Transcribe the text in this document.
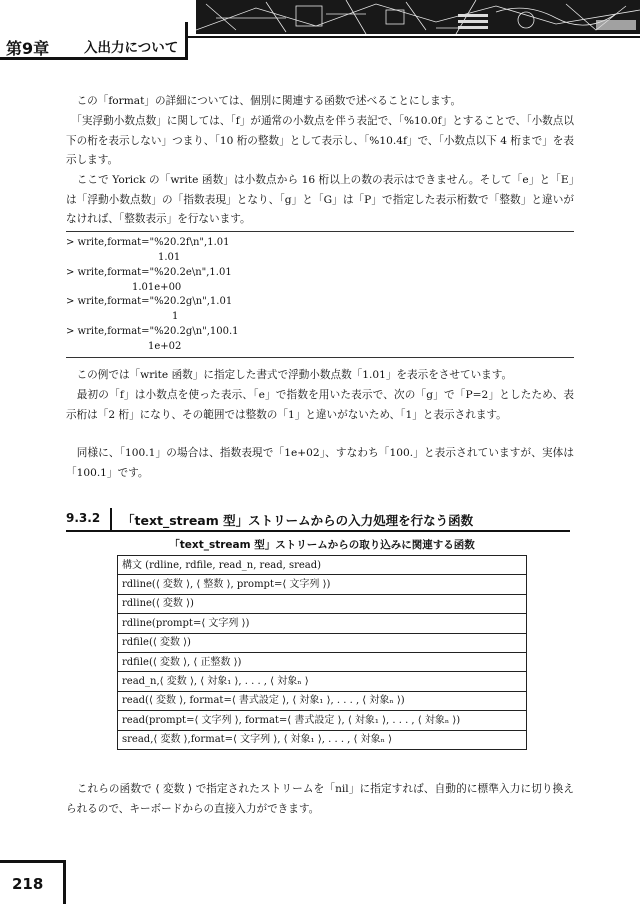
第9章	入出力について

　この「format」の詳細については、個別に関連する函数で述べることにします。

　「実浮動小数点数」に関しては、「f」が通常の小数点を伴う表記で、「%10.0f」とすることで、「小数点以下の桁を表示しない」つまり、「10 桁の整数」として表示し、「%10.4f」で、「小数点以下 4 桁まで」を表示します。

　ここで Yorick の「write 函数」は小数点から 16 桁以上の数の表示はできません。そして「e」と「E」は「浮動小数点数」の「指数表現」となり、「g」と「G」は「P」で指定した表示桁数で「整数」と違いがなければ、「整数表示」を行ないます。

> write,format="%20.2f\n",1.01
1.01
> write,format="%20.2e\n",1.01
1.01e+00
> write,format="%20.2g\n",1.01
1
> write,format="%20.2g\n",100.1
1e+02

　この例では「write 函数」に指定した書式で浮動小数点数「1.01」を表示をさせています。

　最初の「f」は小数点を使った表示、「e」で指数を用いた表示で、次の「g」で「P=2」としたため、表示桁は「2 桁」になり、その範囲では整数の「1」と違いがないため、「1」と表示されます。

　同様に、「100.1」の場合は、指数表現で「1e+02」、すなわち「100.」と表示されていますが、実体は「100.1」です。

9.3.2 「text_stream 型」ストリームからの入力処理を行なう函数
「text_stream 型」ストリームからの取り込みに関連する函数
構文 (rdline, rdfile, read_n, read, sread)
rdline(⟨ 変数 ⟩, ⟨ 整数 ⟩, prompt=⟨ 文字列 ⟩)
rdline(⟨ 変数 ⟩)
rdline(prompt=⟨ 文字列 ⟩)
rdfile(⟨ 変数 ⟩)
rdfile(⟨ 変数 ⟩, ⟨ 正整数 ⟩)
read_n,⟨ 変数 ⟩, ⟨ 対象₁ ⟩, . . . , ⟨ 対象ₙ ⟩
read(⟨ 変数 ⟩, format=⟨ 書式設定 ⟩, ⟨ 対象₁ ⟩, . . . , ⟨ 対象ₙ ⟩)
read(prompt=⟨ 文字列 ⟩, format=⟨ 書式設定 ⟩, ⟨ 対象₁ ⟩, . . . , ⟨ 対象ₙ ⟩)
sread,⟨ 変数 ⟩,format=⟨ 文字列 ⟩, ⟨ 対象₁ ⟩, . . . , ⟨ 対象ₙ ⟩

　これらの函数で ⟨ 変数 ⟩ で指定されたストリームを「nil」に指定すれば、自動的に標準入力に切り換えられるので、キーボードからの直接入力ができます。

218
